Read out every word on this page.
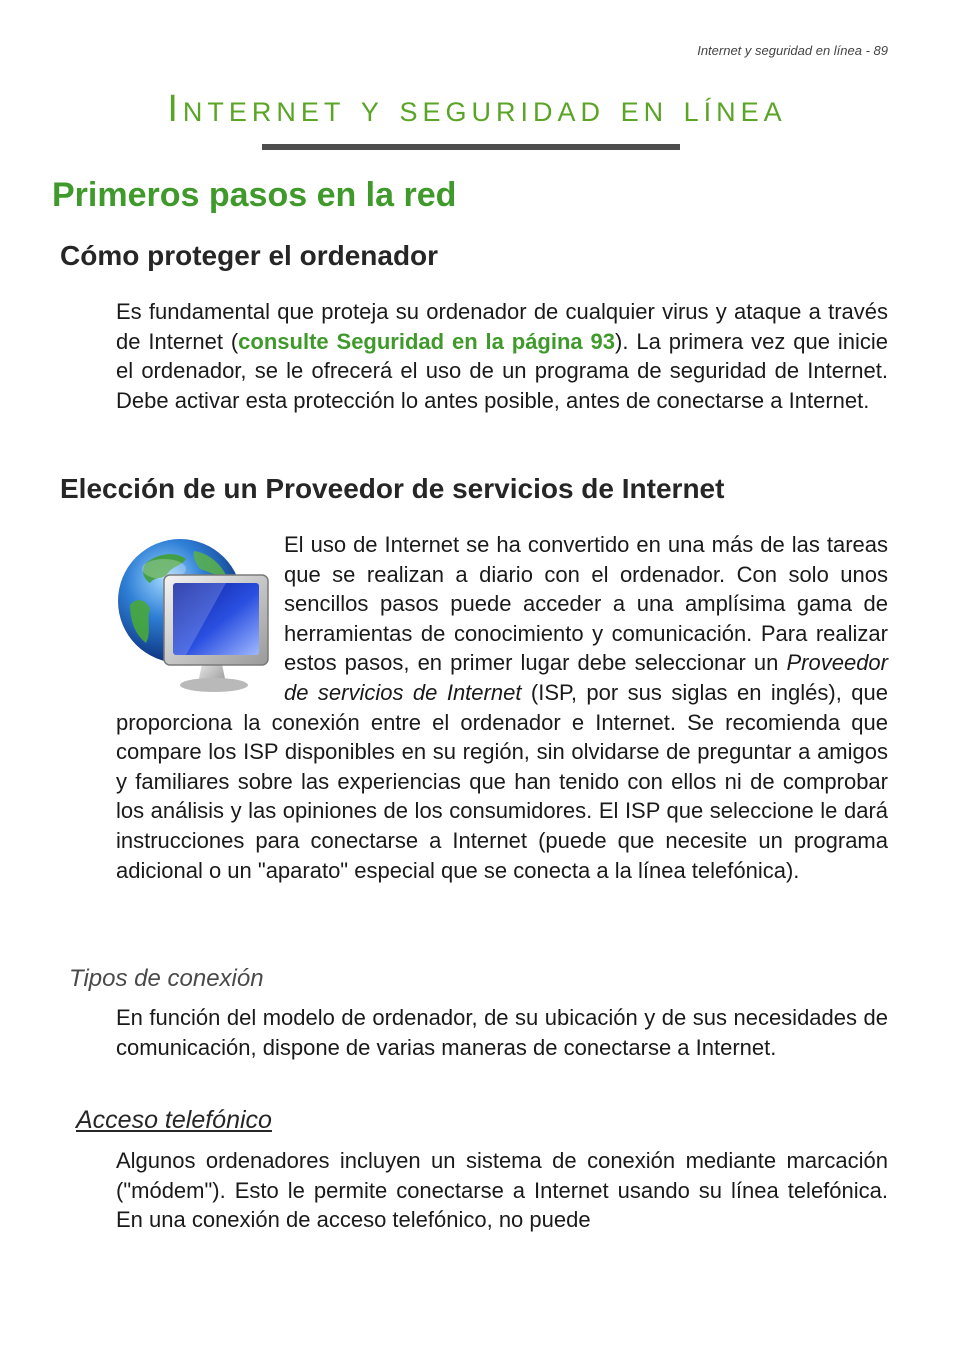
Internet y seguridad en línea - 89
Internet y seguridad en línea
Primeros pasos en la red
Cómo proteger el ordenador

Es fundamental que proteja su ordenador de cualquier virus y ataque a través de Internet (consulte Seguridad en la página 93). La primera vez que inicie el ordenador, se le ofrecerá el uso de un programa de seguridad de Internet. Debe activar esta protección lo antes posible, antes de conectarse a Internet.

Elección de un Proveedor de servicios de Internet
El uso de Internet se ha convertido en una más de las tareas que se realizan a diario con el ordenador. Con solo unos sencillos pasos puede acceder a una amplísima gama de herramientas de conocimiento y comunicación. Para realizar estos pasos, en primer lugar debe seleccionar un Proveedor de servicios de Internet (ISP, por sus siglas en inglés), que proporciona la conexión entre el ordenador e Internet. Se recomienda que compare los ISP disponibles en su región, sin olvidarse de preguntar a amigos y familiares sobre las experiencias que han tenido con ellos ni de comprobar los análisis y las opiniones de los consumidores. El ISP que seleccione le dará instrucciones para conectarse a Internet (puede que necesite un programa adicional o un "aparato" especial que se conecta a la línea telefónica).
Tipos de conexión

En función del modelo de ordenador, de su ubicación y de sus necesidades de comunicación, dispone de varias maneras de conectarse a Internet.

Acceso telefónico

Algunos ordenadores incluyen un sistema de conexión mediante marcación ("módem"). Esto le permite conectarse a Internet usando su línea telefónica. En una conexión de acceso telefónico, no puede
